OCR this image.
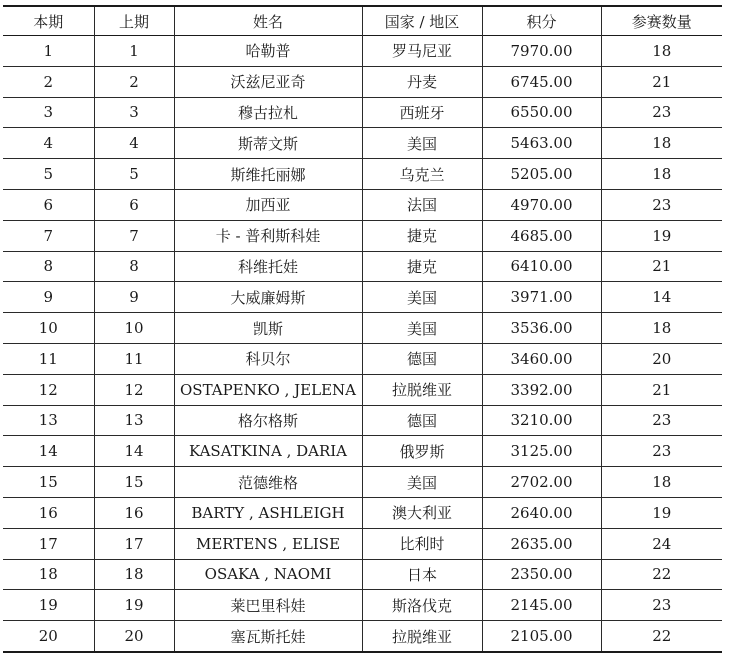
本期	上期	姓名	国家 / 地区	积分	参赛数量
1	1	哈勒普	罗马尼亚	7970.00	18
2	2	沃兹尼亚奇	丹麦	6745.00	21
3	3	穆古拉札	西班牙	6550.00	23
4	4	斯蒂文斯	美国	5463.00	18
5	5	斯维托丽娜	乌克兰	5205.00	18
6	6	加西亚	法国	4970.00	23
7	7	卡 - 普利斯科娃	捷克	4685.00	19
8	8	科维托娃	捷克	6410.00	21
9	9	大威廉姆斯	美国	3971.00	14
10	10	凯斯	美国	3536.00	18
11	11	科贝尔	德国	3460.00	20
12	12	OSTAPENKO , JELENA	拉脱维亚	3392.00	21
13	13	格尔格斯	德国	3210.00	23
14	14	KASATKINA , DARIA	俄罗斯	3125.00	23
15	15	范德维格	美国	2702.00	18
16	16	BARTY , ASHLEIGH	澳大利亚	2640.00	19
17	17	MERTENS , ELISE	比利时	2635.00	24
18	18	OSAKA , NAOMI	日本	2350.00	22
19	19	莱巴里科娃	斯洛伐克	2145.00	23
20	20	塞瓦斯托娃	拉脱维亚	2105.00	22
